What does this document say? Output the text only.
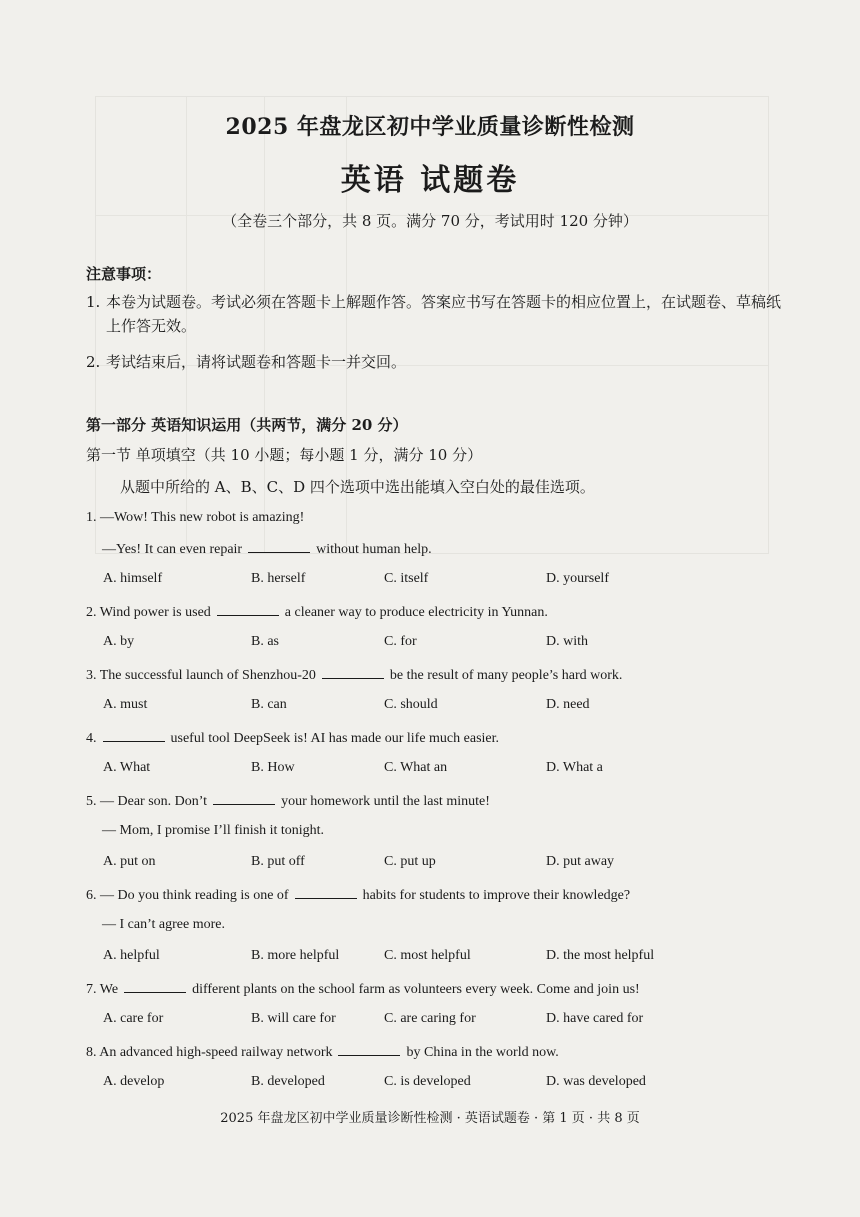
2025 年盘龙区初中学业质量诊断性检测
英语 试题卷
（全卷三个部分，共 8 页。满分 70 分，考试用时 120 分钟）
注意事项：
1. 本卷为试题卷。考试必须在答题卡上解题作答。答案应书写在答题卡的相应位置上，在试题卷、草稿纸上作答无效。
2. 考试结束后，请将试题卷和答题卡一并交回。
第一部分 英语知识运用（共两节，满分 20 分）
第一节 单项填空（共 10 小题；每小题 1 分，满分 10 分）
从题中所给的 A、B、C、D 四个选项中选出能填入空白处的最佳选项。
1. —Wow! This new robot is amazing!
—Yes! It can even repair	without human help.
A. himself	B. herself	C. itself	D. yourself
2. Wind power is used	a cleaner way to produce electricity in Yunnan.
A. by	B. as	C. for	D. with
3. The successful launch of Shenzhou-20	be the result of many people’s hard work.
A. must	B. can	C. should	D. need
4.	useful tool DeepSeek is! AI has made our life much easier.
A. What	B. How	C. What an	D. What a
5. — Dear son. Don’t	your homework until the last minute!
— Mom, I promise I’ll finish it tonight.
A. put on	B. put off	C. put up	D. put away
6. — Do you think reading is one of	habits for students to improve their knowledge?
— I can’t agree more.
A. helpful	B. more helpful	C. most helpful	D. the most helpful
7. We	different plants on the school farm as volunteers every week. Come and join us!
A. care for	B. will care for	C. are caring for	D. have cared for
8. An advanced high-speed railway network	by China in the world now.
A. develop	B. developed	C. is developed	D. was developed
2025 年盘龙区初中学业质量诊断性检测 · 英语试题卷 · 第 1 页 · 共 8 页
